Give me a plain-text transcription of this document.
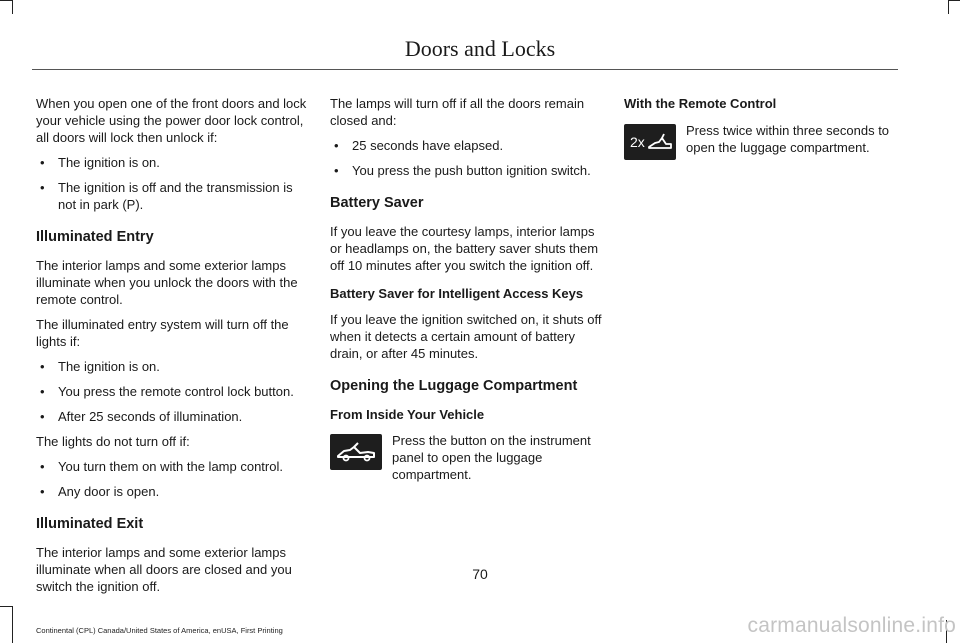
Doors and Locks

When you open one of the front doors and lock your vehicle using the power door lock control, all doors will lock then unlock if:

• The ignition is on.
• The ignition is off and the transmission is not in park (P).
Illuminated Entry

The interior lamps and some exterior lamps illuminate when you unlock the doors with the remote control.

The illuminated entry system will turn off the lights if:

• The ignition is on.
• You press the remote control lock button.
• After 25 seconds of illumination.

The lights do not turn off if:

• You turn them on with the lamp control.
• Any door is open.
Illuminated Exit

The interior lamps and some exterior lamps illuminate when all doors are closed and you switch the ignition off.

The lamps will turn off if all the doors remain closed and:

• 25 seconds have elapsed.
• You press the push button ignition switch.
Battery Saver

If you leave the courtesy lamps, interior lamps or headlamps on, the battery saver shuts them off 10 minutes after you switch the ignition off.

Battery Saver for Intelligent Access Keys

If you leave the ignition switched on, it shuts off when it detects a certain amount of battery drain, or after 45 minutes.

Opening the Luggage Compartment
From Inside Your Vehicle

Press the button on the instrument panel to open the luggage compartment.

With the Remote Control
2x

Press twice within three seconds to open the luggage compartment.

70
Continental (CPL) Canada/United States of America, enUSA, First Printing	carmanualsonline.info
